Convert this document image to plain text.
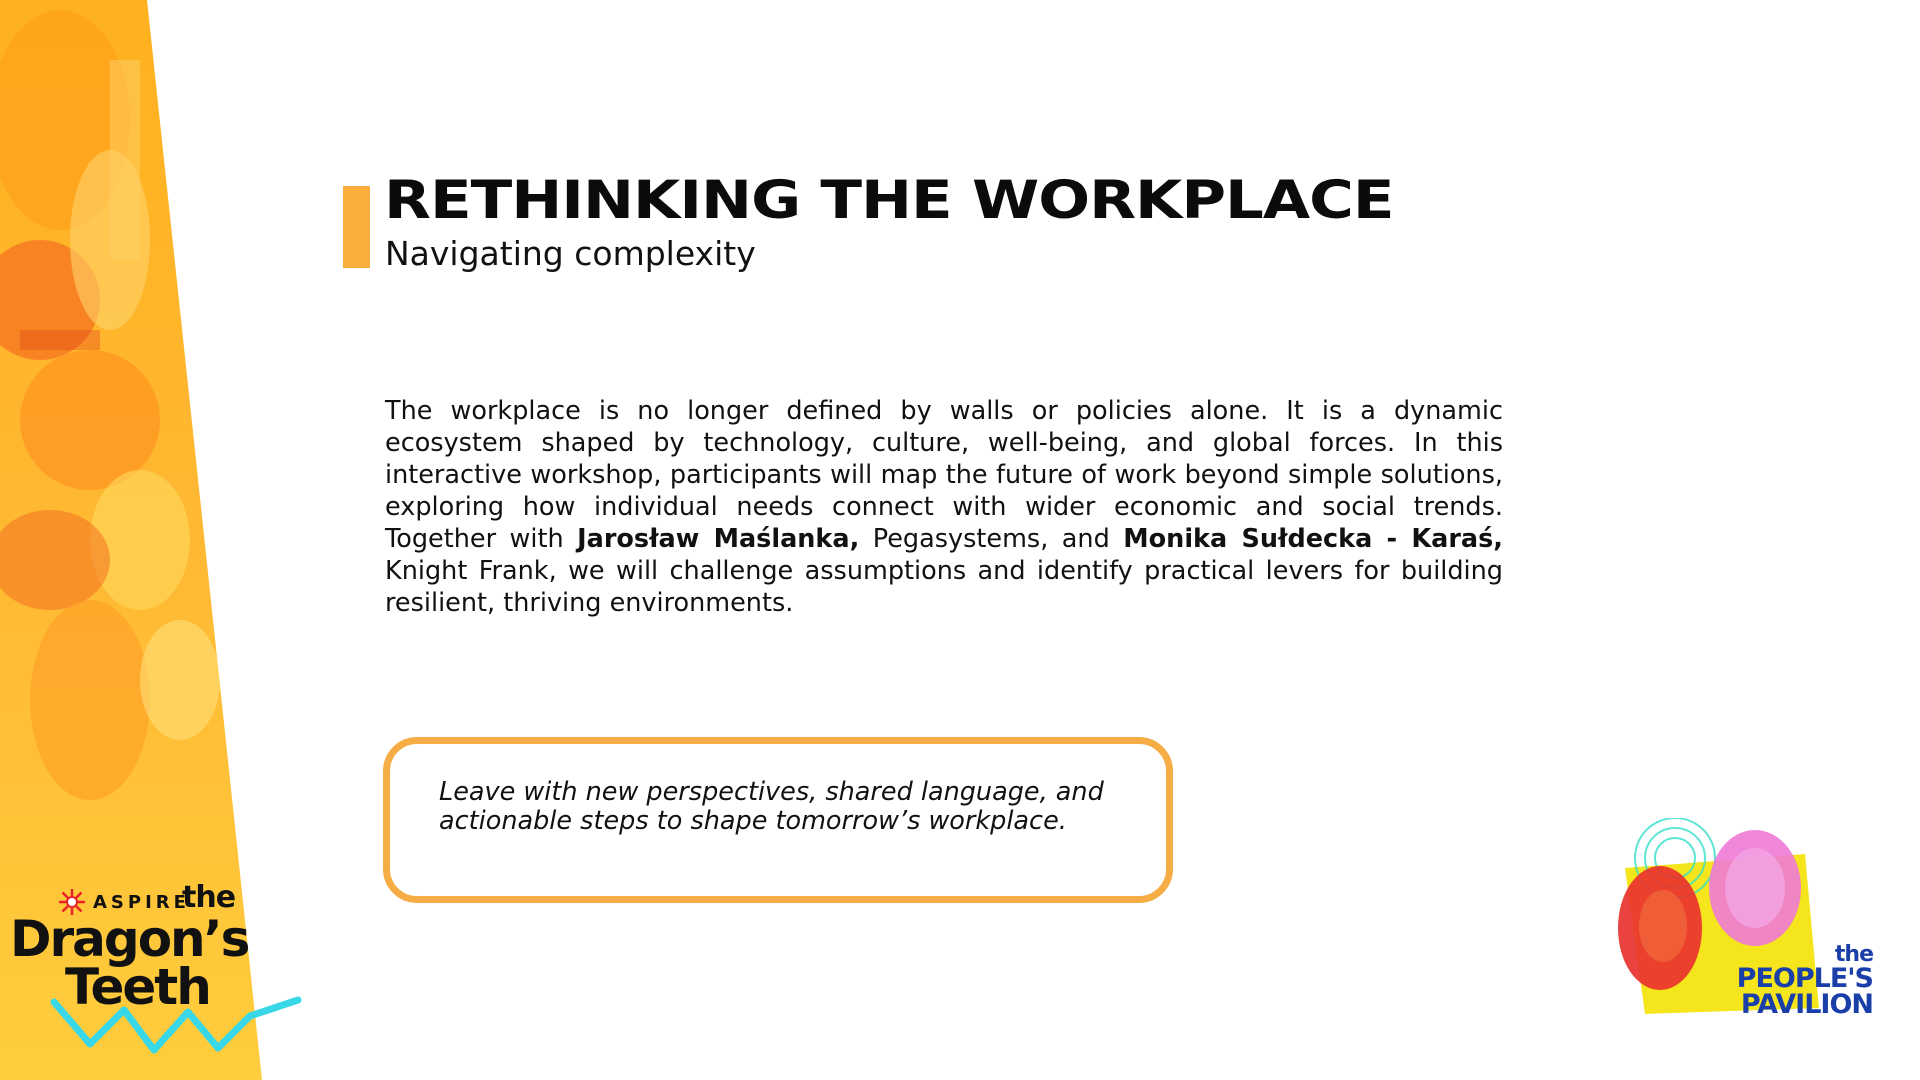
RETHINKING THE WORKPLACE
Navigating complexity

The workplace is no longer defined by walls or policies alone. It is a dynamic ecosystem shaped by technology, culture, well-being, and global forces. In this interactive workshop, participants will map the future of work beyond simple solutions, exploring how individual needs connect with wider economic and social trends. Together with Jarosław Maślanka, Pegasystems, and Monika Sułdecka - Karaś, Knight Frank, we will challenge assumptions and identify practical levers for building resilient, thriving environments.

Leave with new perspectives, shared language, and actionable steps to shape tomorrow’s workplace.

ASPIRE
the
Dragon’s
Teeth
the
PEOPLE'S
PAVILION
